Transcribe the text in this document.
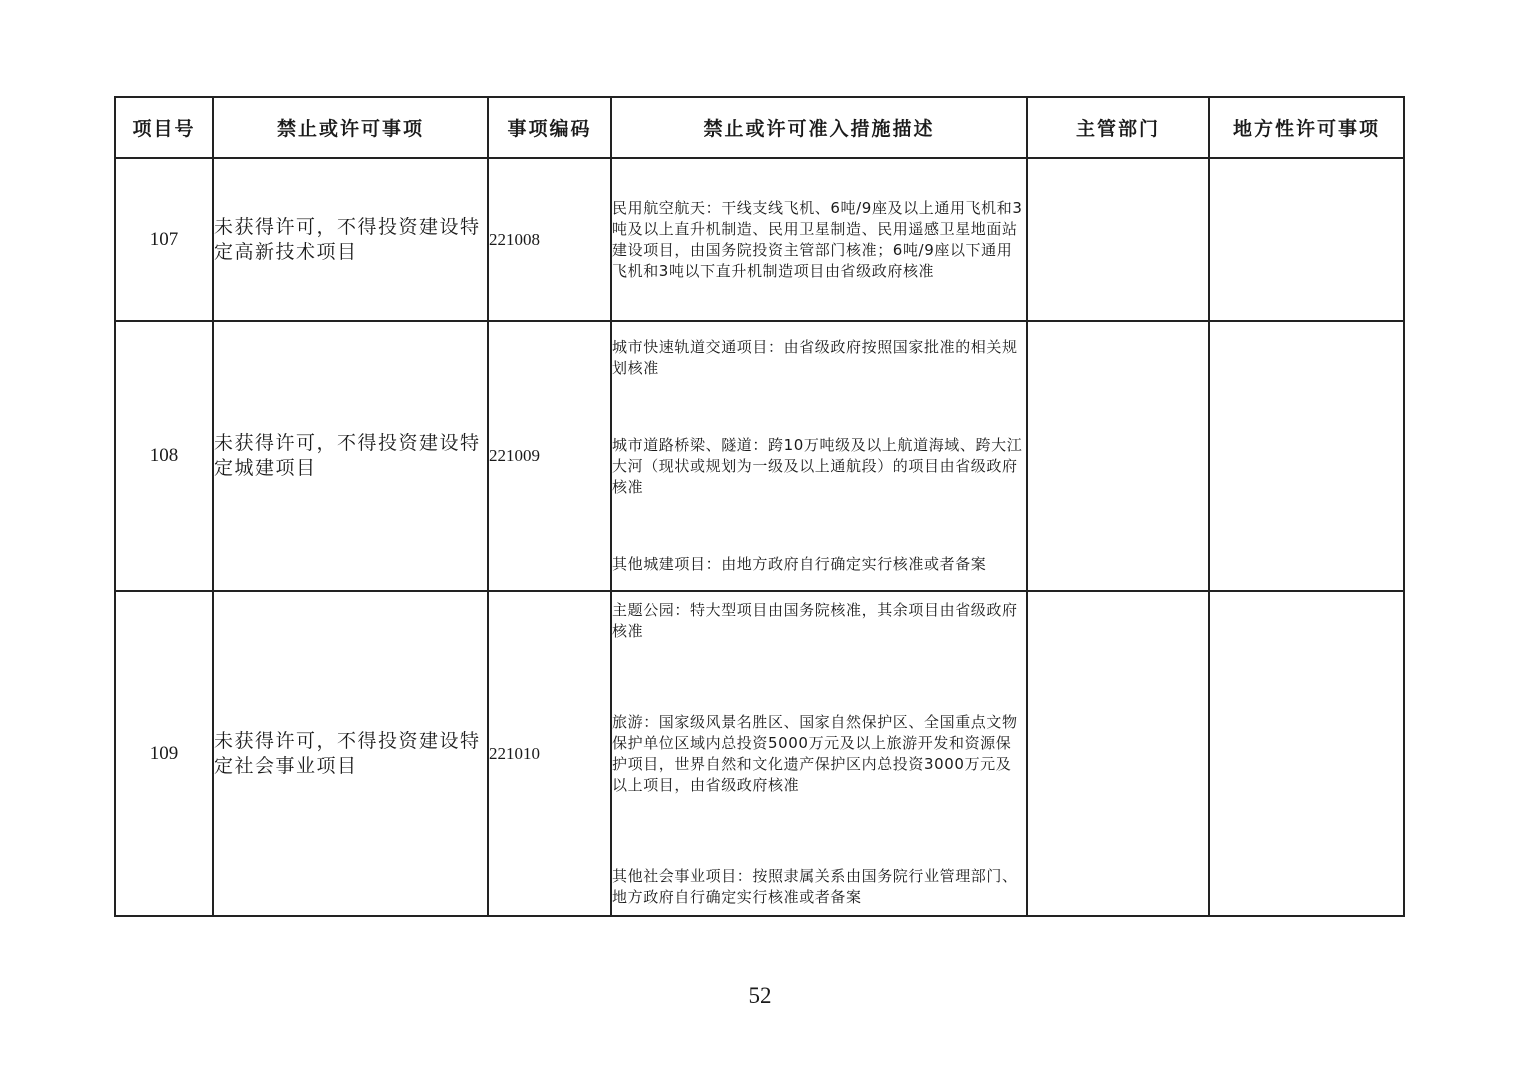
项目号	禁止或许可事项	事项编码	禁止或许可准入措施描述	主管部门	地方性许可事项
107	未获得许可，不得投资建设特定高新技术项目	221008	民用航空航天：干线支线飞机、6吨/9座及以上通用飞机和3吨及以上直升机制造、民用卫星制造、民用遥感卫星地面站建设项目，由国务院投资主管部门核准；6吨/9座以下通用飞机和3吨以下直升机制造项目由省级政府核准		

108	未获得许可，不得投资建设特定城建项目	221009	城市快速轨道交通项目：由省级政府按照国家批准的相关规划核准

城市道路桥梁、隧道：跨10万吨级及以上航道海域、跨大江大河（现状或规划为一级及以上通航段）的项目由省级政府核准

其他城建项目：由地方政府自行确定实行核准或者备案		

109	未获得许可，不得投资建设特定社会事业项目	221010	主题公园：特大型项目由国务院核准，其余项目由省级政府核准

旅游：国家级风景名胜区、国家自然保护区、全国重点文物保护单位区域内总投资5000万元及以上旅游开发和资源保护项目，世界自然和文化遗产保护区内总投资3000万元及以上项目，由省级政府核准

其他社会事业项目：按照隶属关系由国务院行业管理部门、地方政府自行确定实行核准或者备案		

52
